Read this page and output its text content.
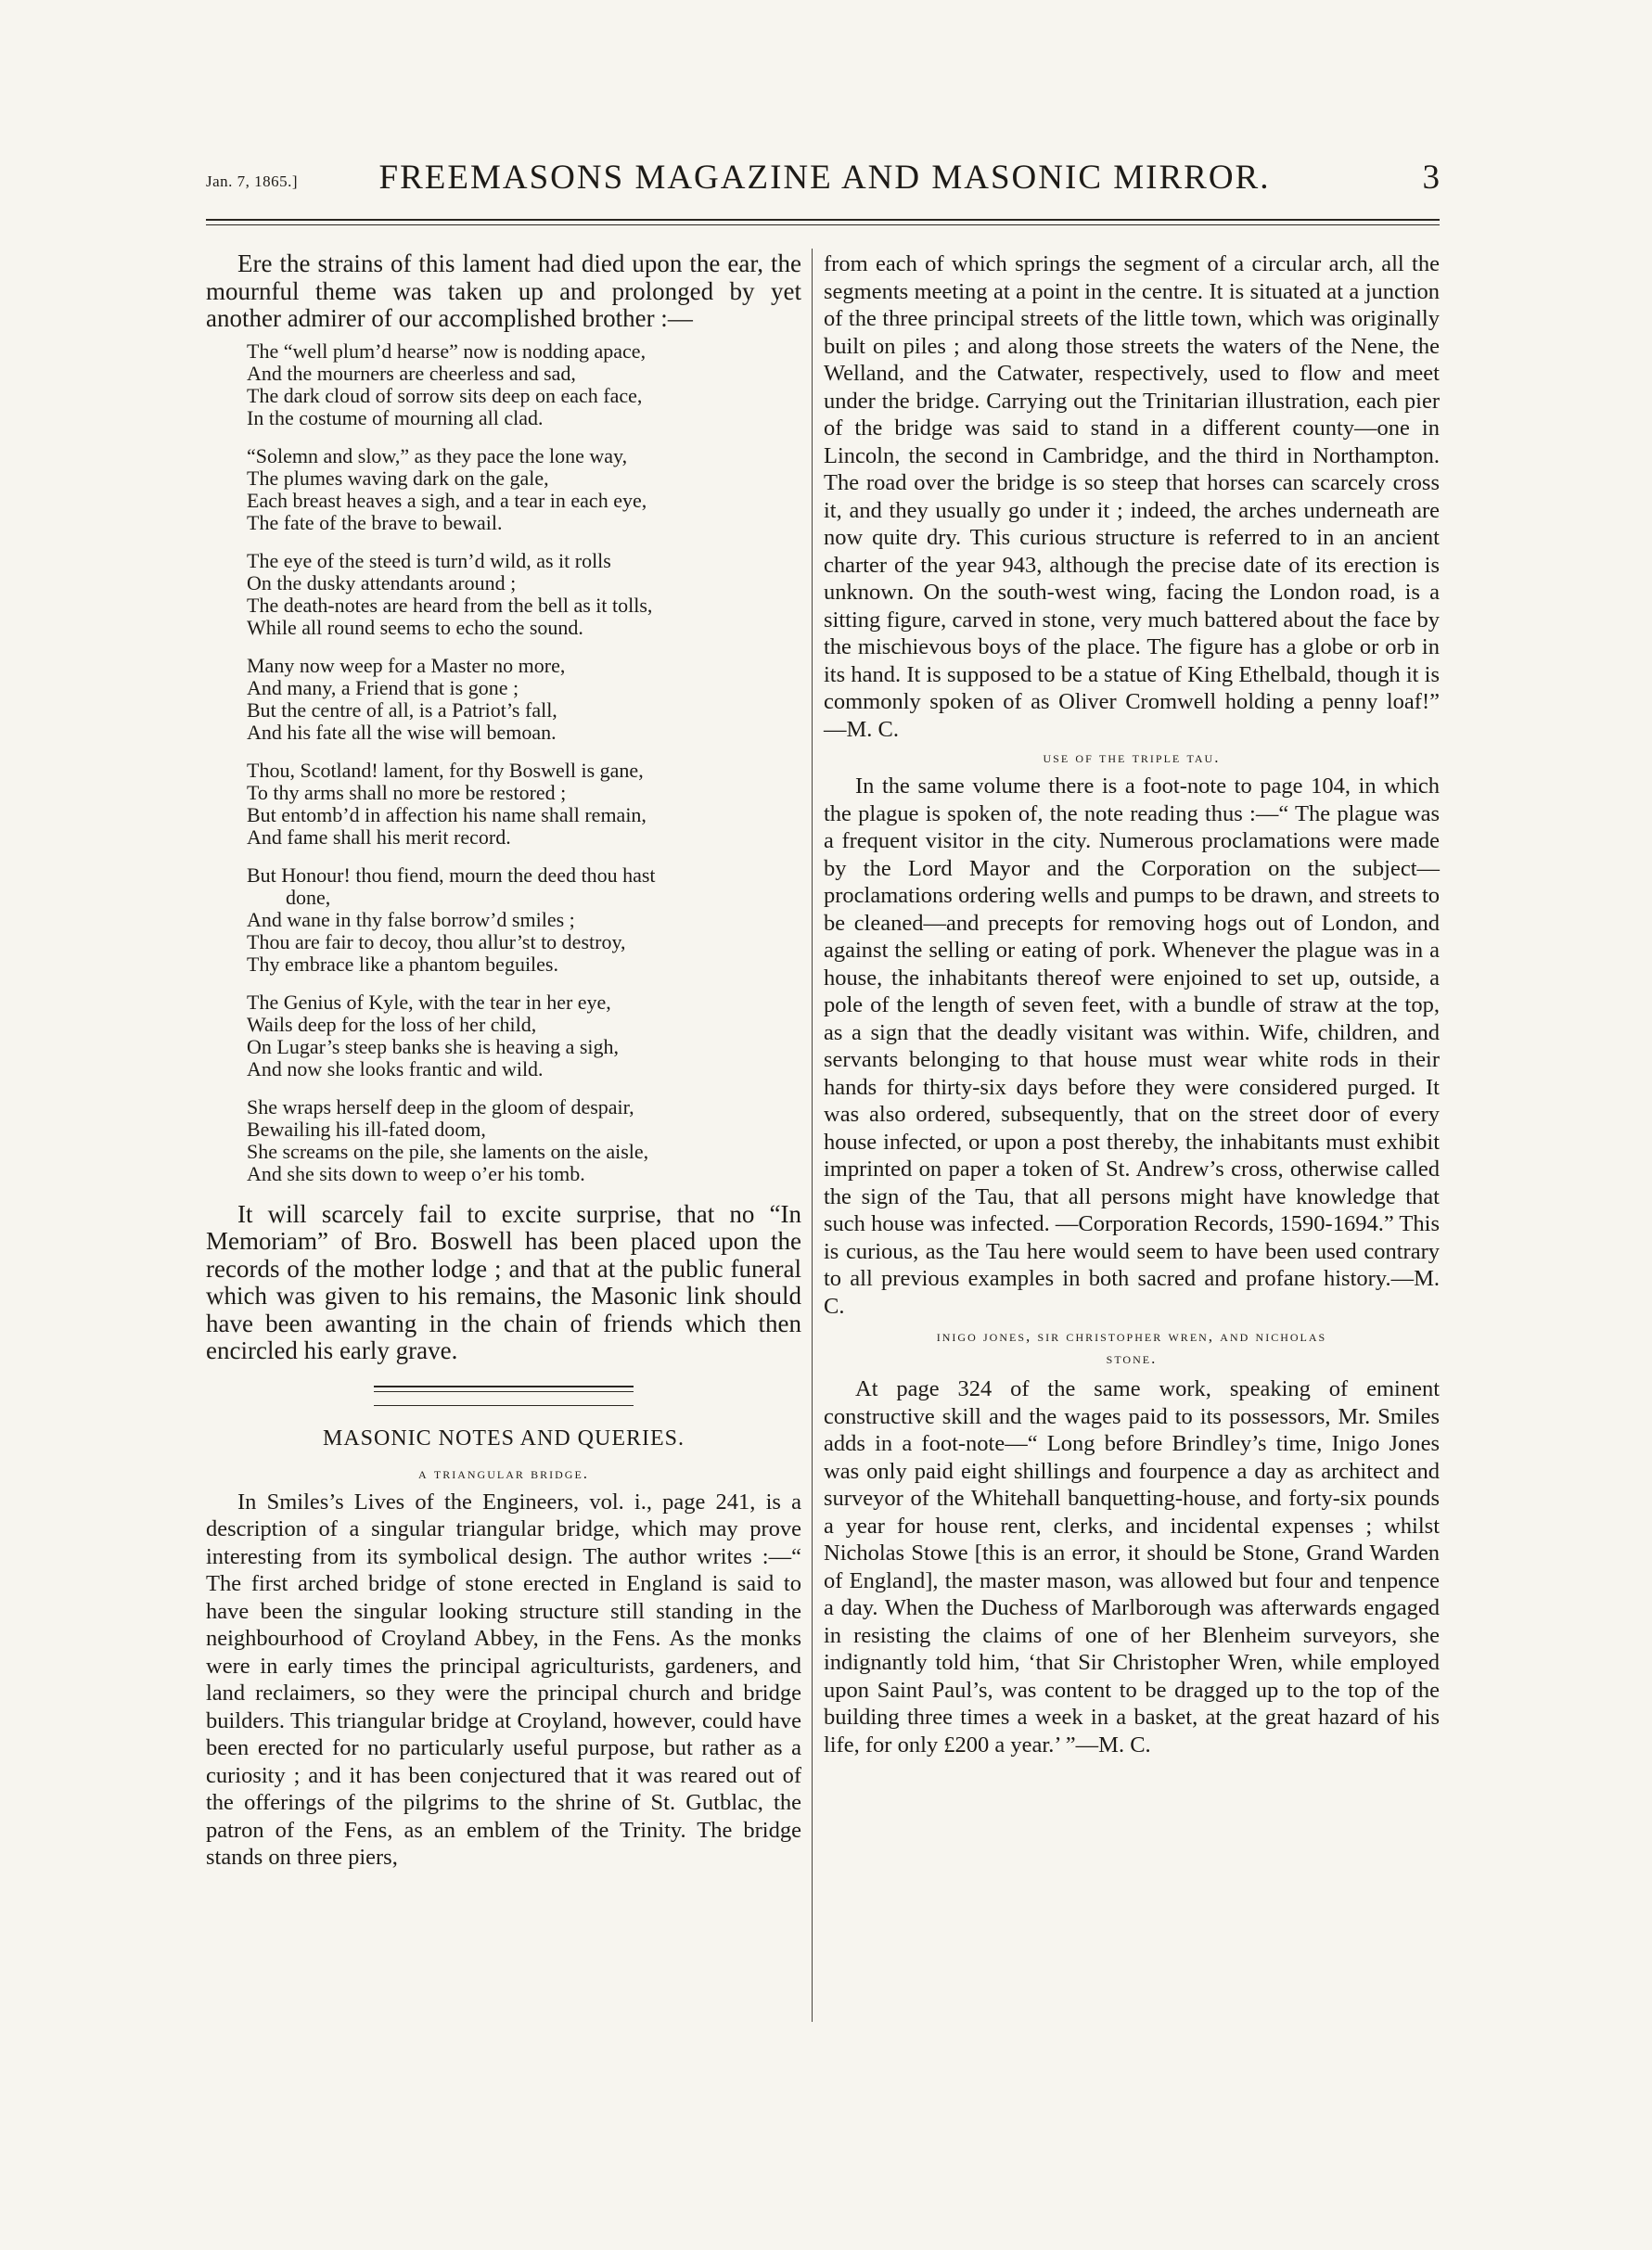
Jan. 7, 1865.]	FREEMASONS MAGAZINE AND MASONIC MIRROR.	3

Ere the strains of this lament had died upon the ear, the mournful theme was taken up and prolonged by yet another admirer of our accomplished brother :—

The “well plum’d hearse” now is nodding apace,
And the mourners are cheerless and sad,
The dark cloud of sorrow sits deep on each face,
In the costume of mourning all clad.
“Solemn and slow,” as they pace the lone way,
The plumes waving dark on the gale,
Each breast heaves a sigh, and a tear in each eye,
The fate of the brave to bewail.
The eye of the steed is turn’d wild, as it rolls
On the dusky attendants around ;
The death-notes are heard from the bell as it tolls,
While all round seems to echo the sound.
Many now weep for a Master no more,
And many, a Friend that is gone ;
But the centre of all, is a Patriot’s fall,
And his fate all the wise will bemoan.
Thou, Scotland! lament, for thy Boswell is gane,
To thy arms shall no more be restored ;
But entomb’d in affection his name shall remain,
And fame shall his merit record.
But Honour! thou fiend, mourn the deed thou hast
done,
And wane in thy false borrow’d smiles ;
Thou are fair to decoy, thou allur’st to destroy,
Thy embrace like a phantom beguiles.
The Genius of Kyle, with the tear in her eye,
Wails deep for the loss of her child,
On Lugar’s steep banks she is heaving a sigh,
And now she looks frantic and wild.
She wraps herself deep in the gloom of despair,
Bewailing his ill-fated doom,
She screams on the pile, she laments on the aisle,
And she sits down to weep o’er his tomb.

It will scarcely fail to excite surprise, that no “In Memoriam” of Bro. Boswell has been placed upon the records of the mother lodge ; and that at the public funeral which was given to his remains, the Masonic link should have been awanting in the chain of friends which then encircled his early grave.

MASONIC NOTES AND QUERIES.
a triangular bridge.

In Smiles’s Lives of the Engineers, vol. i., page 241, is a description of a singular triangular bridge, which may prove interesting from its symbolical design. The author writes :—“ The first arched bridge of stone erected in England is said to have been the singular looking structure still standing in the neighbourhood of Croyland Abbey, in the Fens. As the monks were in early times the principal agriculturists, gardeners, and land reclaimers, so they were the principal church and bridge builders. This triangular bridge at Croyland, however, could have been erected for no particularly useful purpose, but rather as a curiosity ; and it has been conjectured that it was reared out of the offerings of the pilgrims to the shrine of St. Gutblac, the patron of the Fens, as an emblem of the Trinity. The bridge stands on three piers,

from each of which springs the segment of a circular arch, all the segments meeting at a point in the centre. It is situated at a junction of the three principal streets of the little town, which was originally built on piles ; and along those streets the waters of the Nene, the Welland, and the Catwater, respectively, used to flow and meet under the bridge. Carrying out the Trinitarian illustration, each pier of the bridge was said to stand in a different county—one in Lincoln, the second in Cambridge, and the third in Northampton. The road over the bridge is so steep that horses can scarcely cross it, and they usually go under it ; indeed, the arches underneath are now quite dry. This curious structure is referred to in an ancient charter of the year 943, although the precise date of its erection is unknown. On the south-west wing, facing the London road, is a sitting figure, carved in stone, very much battered about the face by the mischievous boys of the place. The figure has a globe or orb in its hand. It is supposed to be a statue of King Ethelbald, though it is commonly spoken of as Oliver Cromwell holding a penny loaf!” —M. C.

use of the triple tau.

In the same volume there is a foot-note to page 104, in which the plague is spoken of, the note reading thus :—“ The plague was a frequent visitor in the city. Numerous proclamations were made by the Lord Mayor and the Corporation on the subject—proclamations ordering wells and pumps to be drawn, and streets to be cleaned—and precepts for removing hogs out of London, and against the selling or eating of pork. Whenever the plague was in a house, the inhabitants thereof were enjoined to set up, outside, a pole of the length of seven feet, with a bundle of straw at the top, as a sign that the deadly visitant was within. Wife, children, and servants belonging to that house must wear white rods in their hands for thirty-six days before they were considered purged. It was also ordered, subsequently, that on the street door of every house infected, or upon a post thereby, the inhabitants must exhibit imprinted on paper a token of St. Andrew’s cross, otherwise called the sign of the Tau, that all persons might have knowledge that such house was infected. —Corporation Records, 1590-1694.” This is curious, as the Tau here would seem to have been used contrary to all previous examples in both sacred and profane history.—M. C.

inigo jones, sir christopher wren, and nicholas
stone.

At page 324 of the same work, speaking of eminent constructive skill and the wages paid to its possessors, Mr. Smiles adds in a foot-note—“ Long before Brindley’s time, Inigo Jones was only paid eight shillings and fourpence a day as architect and surveyor of the Whitehall banquetting-house, and forty-six pounds a year for house rent, clerks, and incidental expenses ; whilst Nicholas Stowe [this is an error, it should be Stone, Grand Warden of England], the master mason, was allowed but four and tenpence a day. When the Duchess of Marlborough was afterwards engaged in resisting the claims of one of her Blenheim surveyors, she indignantly told him, ‘that Sir Christopher Wren, while employed upon Saint Paul’s, was content to be dragged up to the top of the building three times a week in a basket, at the great hazard of his life, for only £200 a year.’ ”—M. C.
